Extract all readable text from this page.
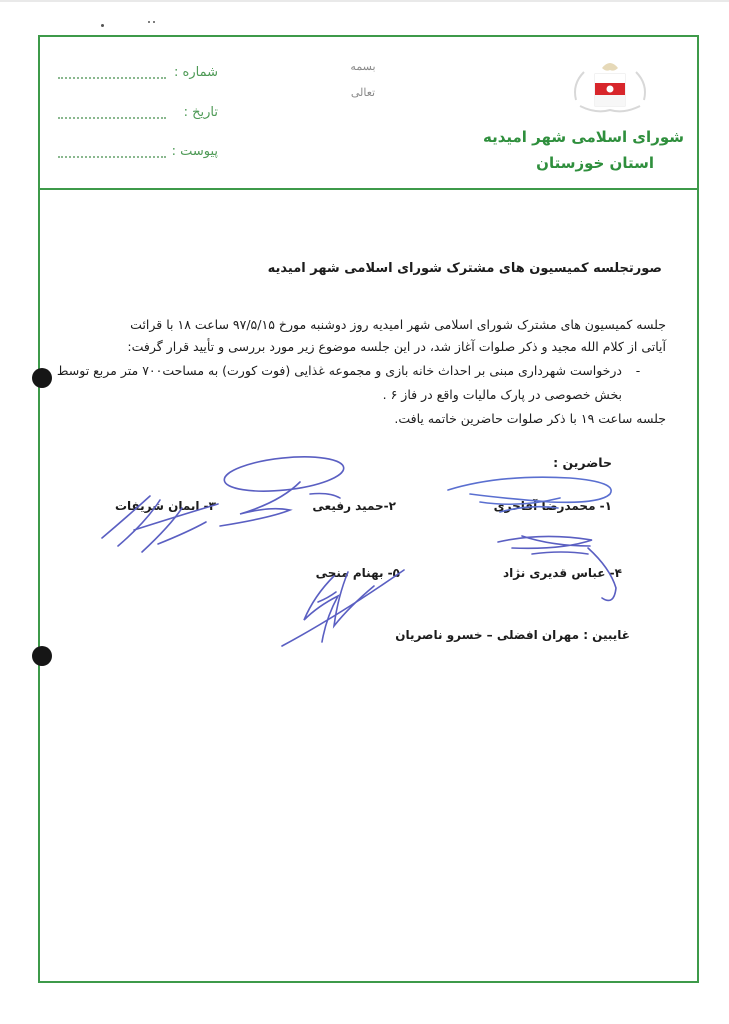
شماره :
تاریخ :
پیوست :
بسمه تعالی
شورای اسلامی شهر امیدیه
استان خوزستان
صورتجلسه کمیسیون های مشترک شورای اسلامی شهر امیدیه
جلسه کمیسیون های مشترک شورای اسلامی شهر امیدیه روز دوشنبه مورخ ۹۷/۵/۱۵ ساعت ۱۸ با قرائت
آیاتی از کلام الله مجید و ذکر صلوات آغاز شد، در این جلسه موضوع زیر مورد بررسی و تأیید قرار گرفت:
-
درخواست شهرداری مبنی بر احداث خانه بازی و مجموعه غذایی (فوت کورت) به مساحت۷۰۰ متر مربع توسط
بخش خصوصی در پارک مالیات واقع در فاز ۶ .
جلسه ساعت ۱۹ با ذکر صلوات حاضرین خاتمه یافت.
حاضرین :
۱- محمدرضا آقاخری
۲-حمید رفیعی
۳- ایمان شریفات
۴- عباس قدیری نژاد
۵- بهنام منجی
غایبین : مهران افضلی – خسرو ناصریان
